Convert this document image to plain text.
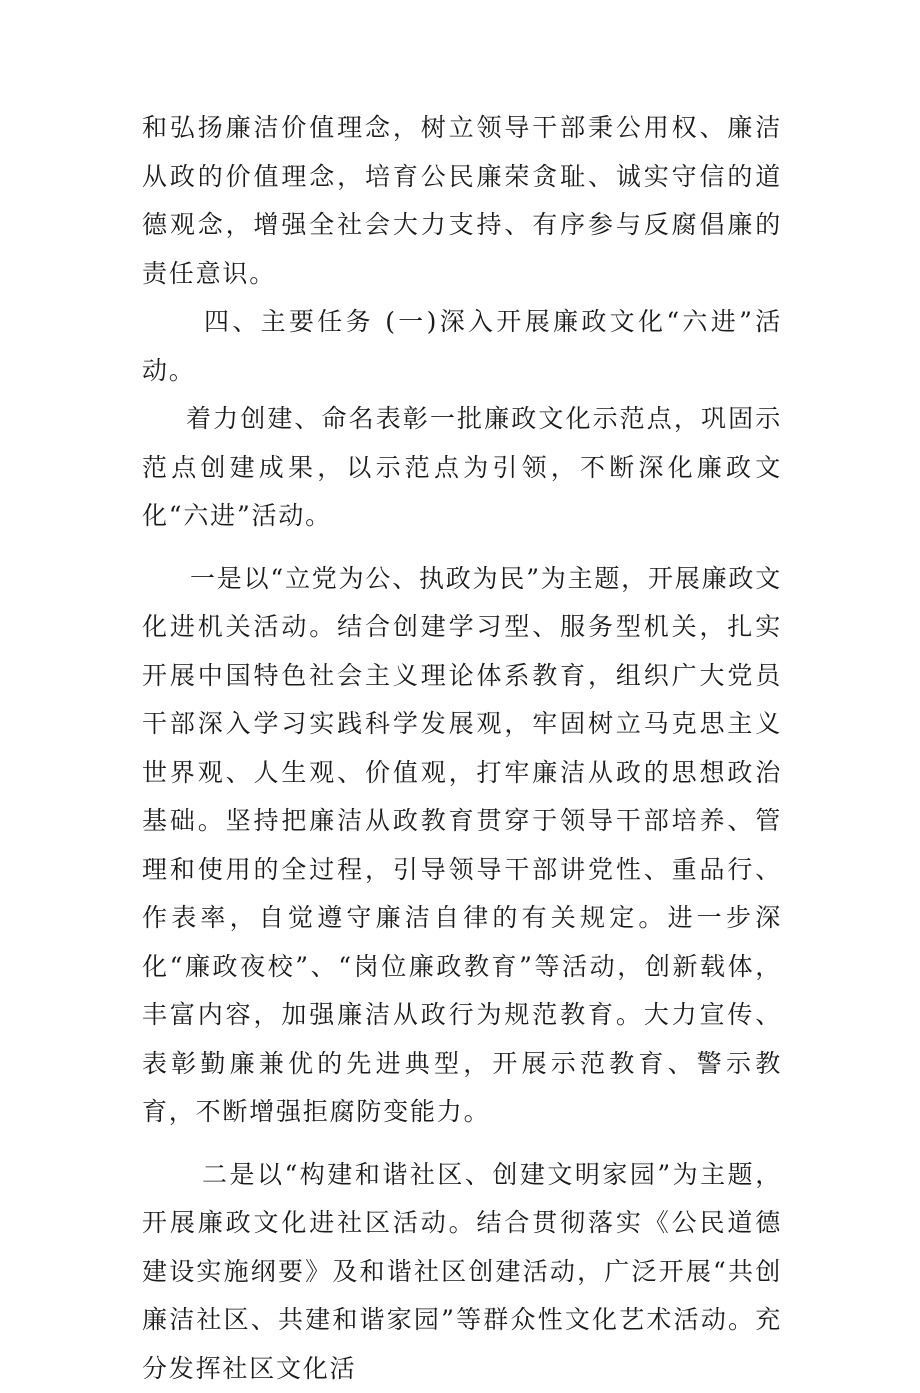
和弘扬廉洁价值理念，树立领导干部秉公用权、廉洁从政的价值理念，培育公民廉荣贪耻、诚实守信的道德观念，增强全社会大力支持、有序参与反腐倡廉的责任意识。

四、主要任务 (一)深入开展廉政文化“六进”活动。

着力创建、命名表彰一批廉政文化示范点，巩固示范点创建成果，以示范点为引领，不断深化廉政文化“六进”活动。

一是以“立党为公、执政为民”为主题，开展廉政文化进机关活动。结合创建学习型、服务型机关，扎实开展中国特色社会主义理论体系教育，组织广大党员干部深入学习实践科学发展观，牢固树立马克思主义世界观、人生观、价值观，打牢廉洁从政的思想政治基础。坚持把廉洁从政教育贯穿于领导干部培养、管理和使用的全过程，引导领导干部讲党性、重品行、作表率，自觉遵守廉洁自律的有关规定。进一步深化“廉政夜校”、“岗位廉政教育”等活动，创新载体，丰富内容，加强廉洁从政行为规范教育。大力宣传、表彰勤廉兼优的先进典型，开展示范教育、警示教育，不断增强拒腐防变能力。

二是以“构建和谐社区、创建文明家园”为主题， 开展廉政文化进社区活动。结合贯彻落实《公民道德建设实施纲要》及和谐社区创建活动，广泛开展“共创廉洁社区、共建和谐家园”等群众性文化艺术活动。充分发挥社区文化活
